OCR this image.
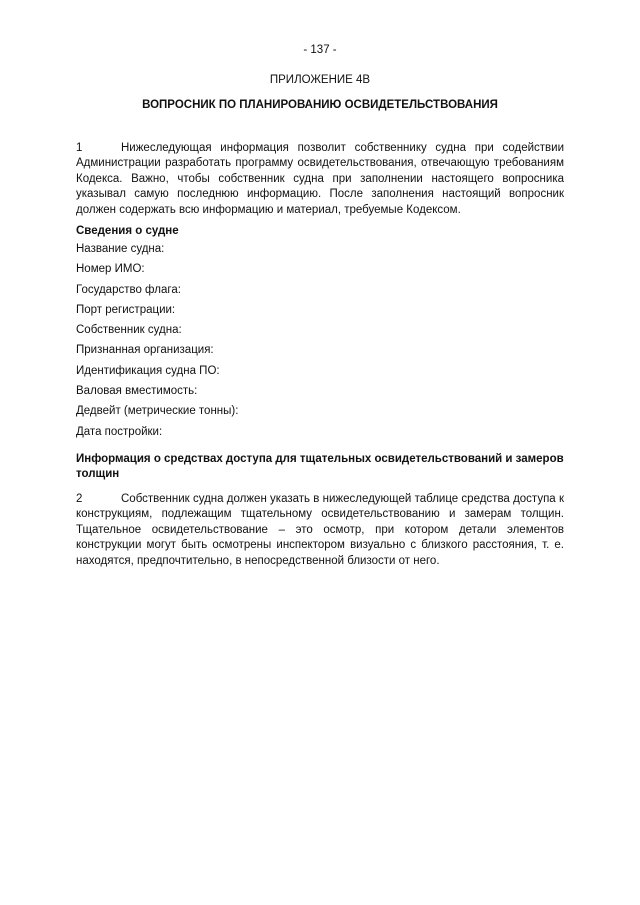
- 137 -
ПРИЛОЖЕНИЕ 4В
ВОПРОСНИК ПО ПЛАНИРОВАНИЮ ОСВИДЕТЕЛЬСТВОВАНИЯ

1	Нижеследующая информация позволит собственнику судна при содействии Администрации разработать программу освидетельствования, отвечающую требованиям Кодекса. Важно, чтобы собственник судна при заполнении настоящего вопросника указывал самую последнюю информацию. После заполнения настоящий вопросник должен содержать всю информацию и материал, требуемые Кодексом.

Сведения о судне
Название судна:
Номер ИМО:
Государство флага:
Порт регистрации:
Собственник судна:
Признанная организация:
Идентификация судна ПО:
Валовая вместимость:
Дедвейт (метрические тонны):
Дата постройки:
Информация о средствах доступа для тщательных освидетельствований и замеров толщин

2	Собственник судна должен указать в нижеследующей таблице средства доступа к конструкциям, подлежащим тщательному освидетельствованию и замерам толщин. Тщательное освидетельствование – это осмотр, при котором детали элементов конструкции могут быть осмотрены инспектором визуально с близкого расстояния, т. е. находятся, предпочтительно, в непосредственной близости от него.
